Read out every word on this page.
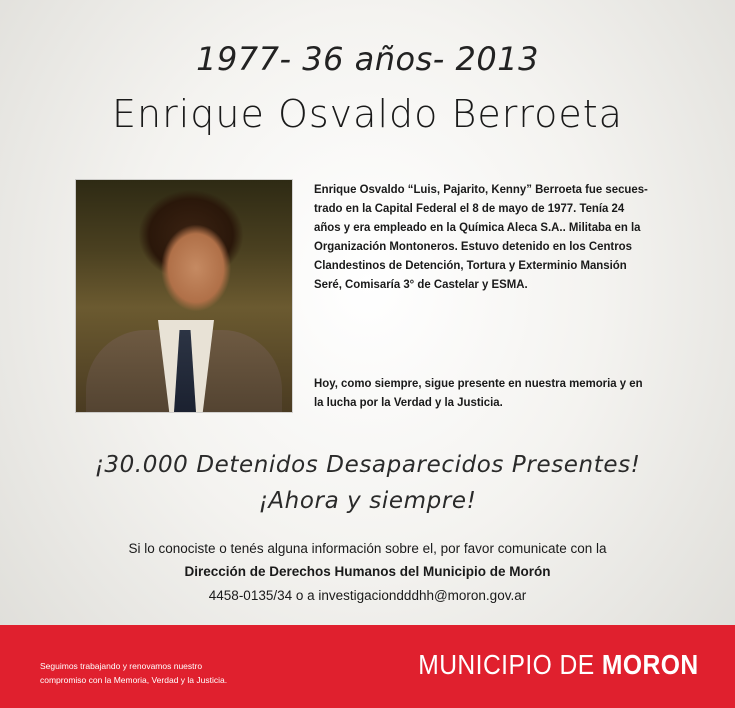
1977- 36 años- 2013
Enrique Osvaldo Berroeta
Enrique Osvaldo “Luis, Pajarito, Kenny” Berroeta fue secues-
trado en la Capital Federal el 8 de mayo de 1977. Tenía 24
años y era empleado en la Química Aleca S.A.. Militaba en la
Organización Montoneros. Estuvo detenido en los Centros
Clandestinos de Detención, Tortura y Exterminio Mansión
Seré, Comisaría 3° de Castelar y ESMA.
Hoy, como siempre, sigue presente en nuestra memoria y en
la lucha por la Verdad y la Justicia.
¡30.000 Detenidos Desaparecidos Presentes!
¡Ahora y siempre!
Si lo conociste o tenés alguna información sobre el, por favor comunicate con la
Dirección de Derechos Humanos del Municipio de Morón
4458-0135/34 o a investigaciondddhh@moron.gov.ar
Seguimos trabajando y renovamos nuestro
compromiso con la Memoria, Verdad y la Justicia.	MUNICIPIO DE MORON
